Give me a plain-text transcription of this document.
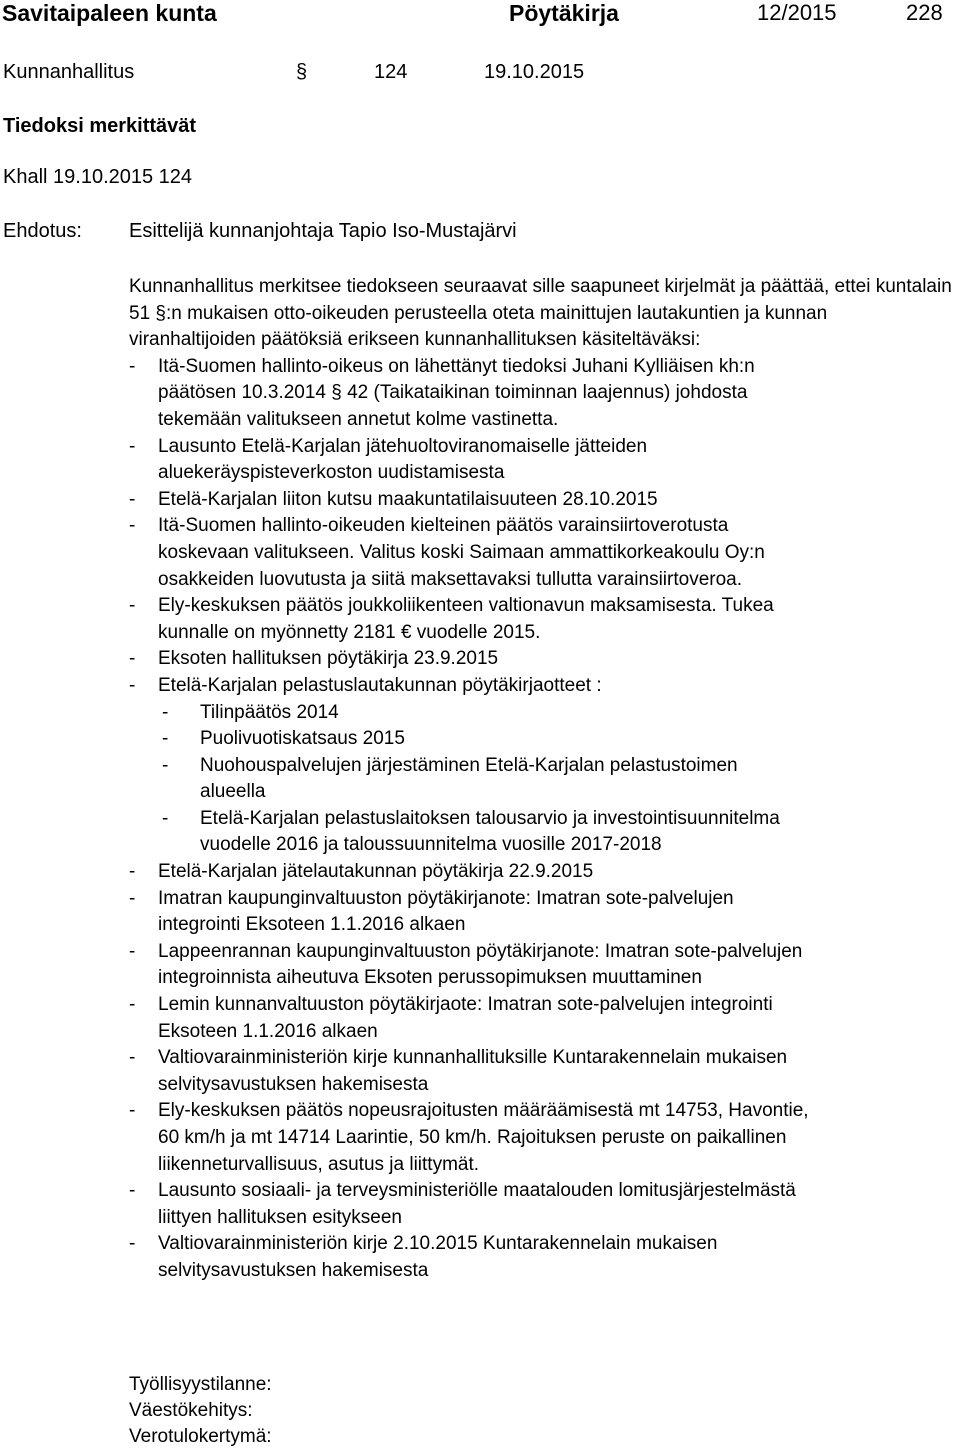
Savitaipaleen kunta	Pöytäkirja	12/2015	228
Kunnanhallitus	§	124	19.10.2015
Tiedoksi merkittävät
Khall 19.10.2015 124
Ehdotus: Esittelijä kunnanjohtaja Tapio Iso-Mustajärvi
Kunnanhallitus merkitsee tiedokseen seuraavat sille saapuneet kirjelmät ja päättää, ettei kuntalain 51 §:n mukaisen otto-oikeuden perusteella oteta mainittujen lautakuntien ja kunnan viranhaltijoiden päätöksiä erikseen kunnanhallituksen käsiteltäväksi:
- Itä-Suomen hallinto-oikeus on lähettänyt tiedoksi Juhani Kylliäisen kh:n
päätösen 10.3.2014 § 42 (Taikataikinan toiminnan laajennus) johdosta
tekemään valitukseen annetut kolme vastinetta.
- Lausunto Etelä-Karjalan jätehuoltoviranomaiselle jätteiden
aluekeräyspisteverkoston uudistamisesta
- Etelä-Karjalan liiton kutsu maakuntatilaisuuteen 28.10.2015
- Itä-Suomen hallinto-oikeuden kielteinen päätös varainsiirtoverotusta
koskevaan valitukseen. Valitus koski Saimaan ammattikorkeakoulu Oy:n
osakkeiden luovutusta ja siitä maksettavaksi tullutta varainsiirtoveroa.
- Ely-keskuksen päätös joukkoliikenteen valtionavun maksamisesta. Tukea
kunnalle on myönnetty 2181 € vuodelle 2015.
- Eksoten hallituksen pöytäkirja 23.9.2015
- Etelä-Karjalan pelastuslautakunnan pöytäkirjaotteet :
- Tilinpäätös 2014
- Puolivuotiskatsaus 2015
- Nuohouspalvelujen järjestäminen Etelä-Karjalan pelastustoimen
alueella
- Etelä-Karjalan pelastuslaitoksen talousarvio ja investointisuunnitelma
vuodelle 2016 ja taloussuunnitelma vuosille 2017-2018
- Etelä-Karjalan jätelautakunnan pöytäkirja 22.9.2015
- Imatran kaupunginvaltuuston pöytäkirjanote: Imatran sote-palvelujen
integrointi Eksoteen 1.1.2016 alkaen
- Lappeenrannan kaupunginvaltuuston pöytäkirjanote: Imatran sote-palvelujen
integroinnista aiheutuva Eksoten perussopimuksen muuttaminen
- Lemin kunnanvaltuuston pöytäkirjaote: Imatran sote-palvelujen integrointi
Eksoteen 1.1.2016 alkaen
- Valtiovarainministeriön kirje kunnanhallituksille Kuntarakennelain mukaisen
selvitysavustuksen hakemisesta
- Ely-keskuksen päätös nopeusrajoitusten määräämisestä mt 14753, Havontie,
60 km/h ja mt 14714 Laarintie, 50 km/h. Rajoituksen peruste on paikallinen
liikenneturvallisuus, asutus ja liittymät.
- Lausunto sosiaali- ja terveysministeriölle maatalouden lomitusjärjestelmästä
liittyen hallituksen esitykseen
- Valtiovarainministeriön kirje 2.10.2015 Kuntarakennelain mukaisen
selvitysavustuksen hakemisesta
Työllisyystilanne:
Väestökehitys:
Verotulokertymä:
